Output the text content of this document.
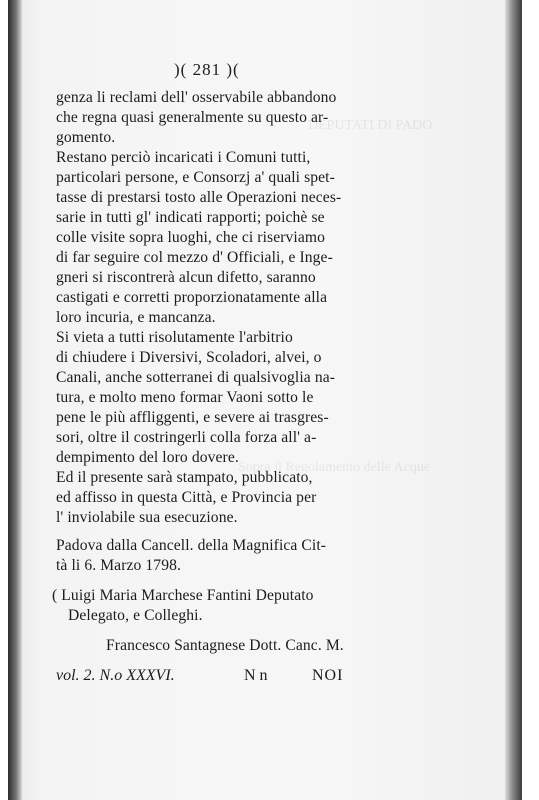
DEPUTATI DI PADO
Sopra il Regolamento delle Acque
)( 281 )(
genza li reclami dell' osservabile abbandono
che regna quasi generalmente su questo ar-
gomento.
Restano perciò incaricati i Comuni tutti,
particolari persone, e Consorzj a' quali spet-
tasse di prestarsi tosto alle Operazioni neces-
sarie in tutti gl' indicati rapporti; poichè se
colle visite sopra luoghi, che ci riserviamo
di far seguire col mezzo d' Officiali, e Inge-
gneri si riscontrerà alcun difetto, saranno
castigati e corretti proporzionatamente alla
loro incuria, e mancanza.
Si vieta a tutti risolutamente l'arbitrio
di chiudere i Diversivi, Scoladori, alvei, o
Canali, anche sotterranei di qualsivoglia na-
tura, e molto meno formar Vaoni sotto le
pene le più affliggenti, e severe ai trasgres-
sori, oltre il costringerli colla forza all' a-
dempimento del loro dovere.
Ed il presente sarà stampato, pubblicato,
ed affisso in questa Città, e Provincia per
l' inviolabile sua esecuzione.
Padova dalla Cancell. della Magnifica Cit-
tà li 6. Marzo 1798.
( Luigi Maria Marchese Fantini Deputato
Delegato, e Colleghi.
Francesco Santagnese Dott. Canc. M.
vol. 2. N.o XXXVI.	N n	NOI
